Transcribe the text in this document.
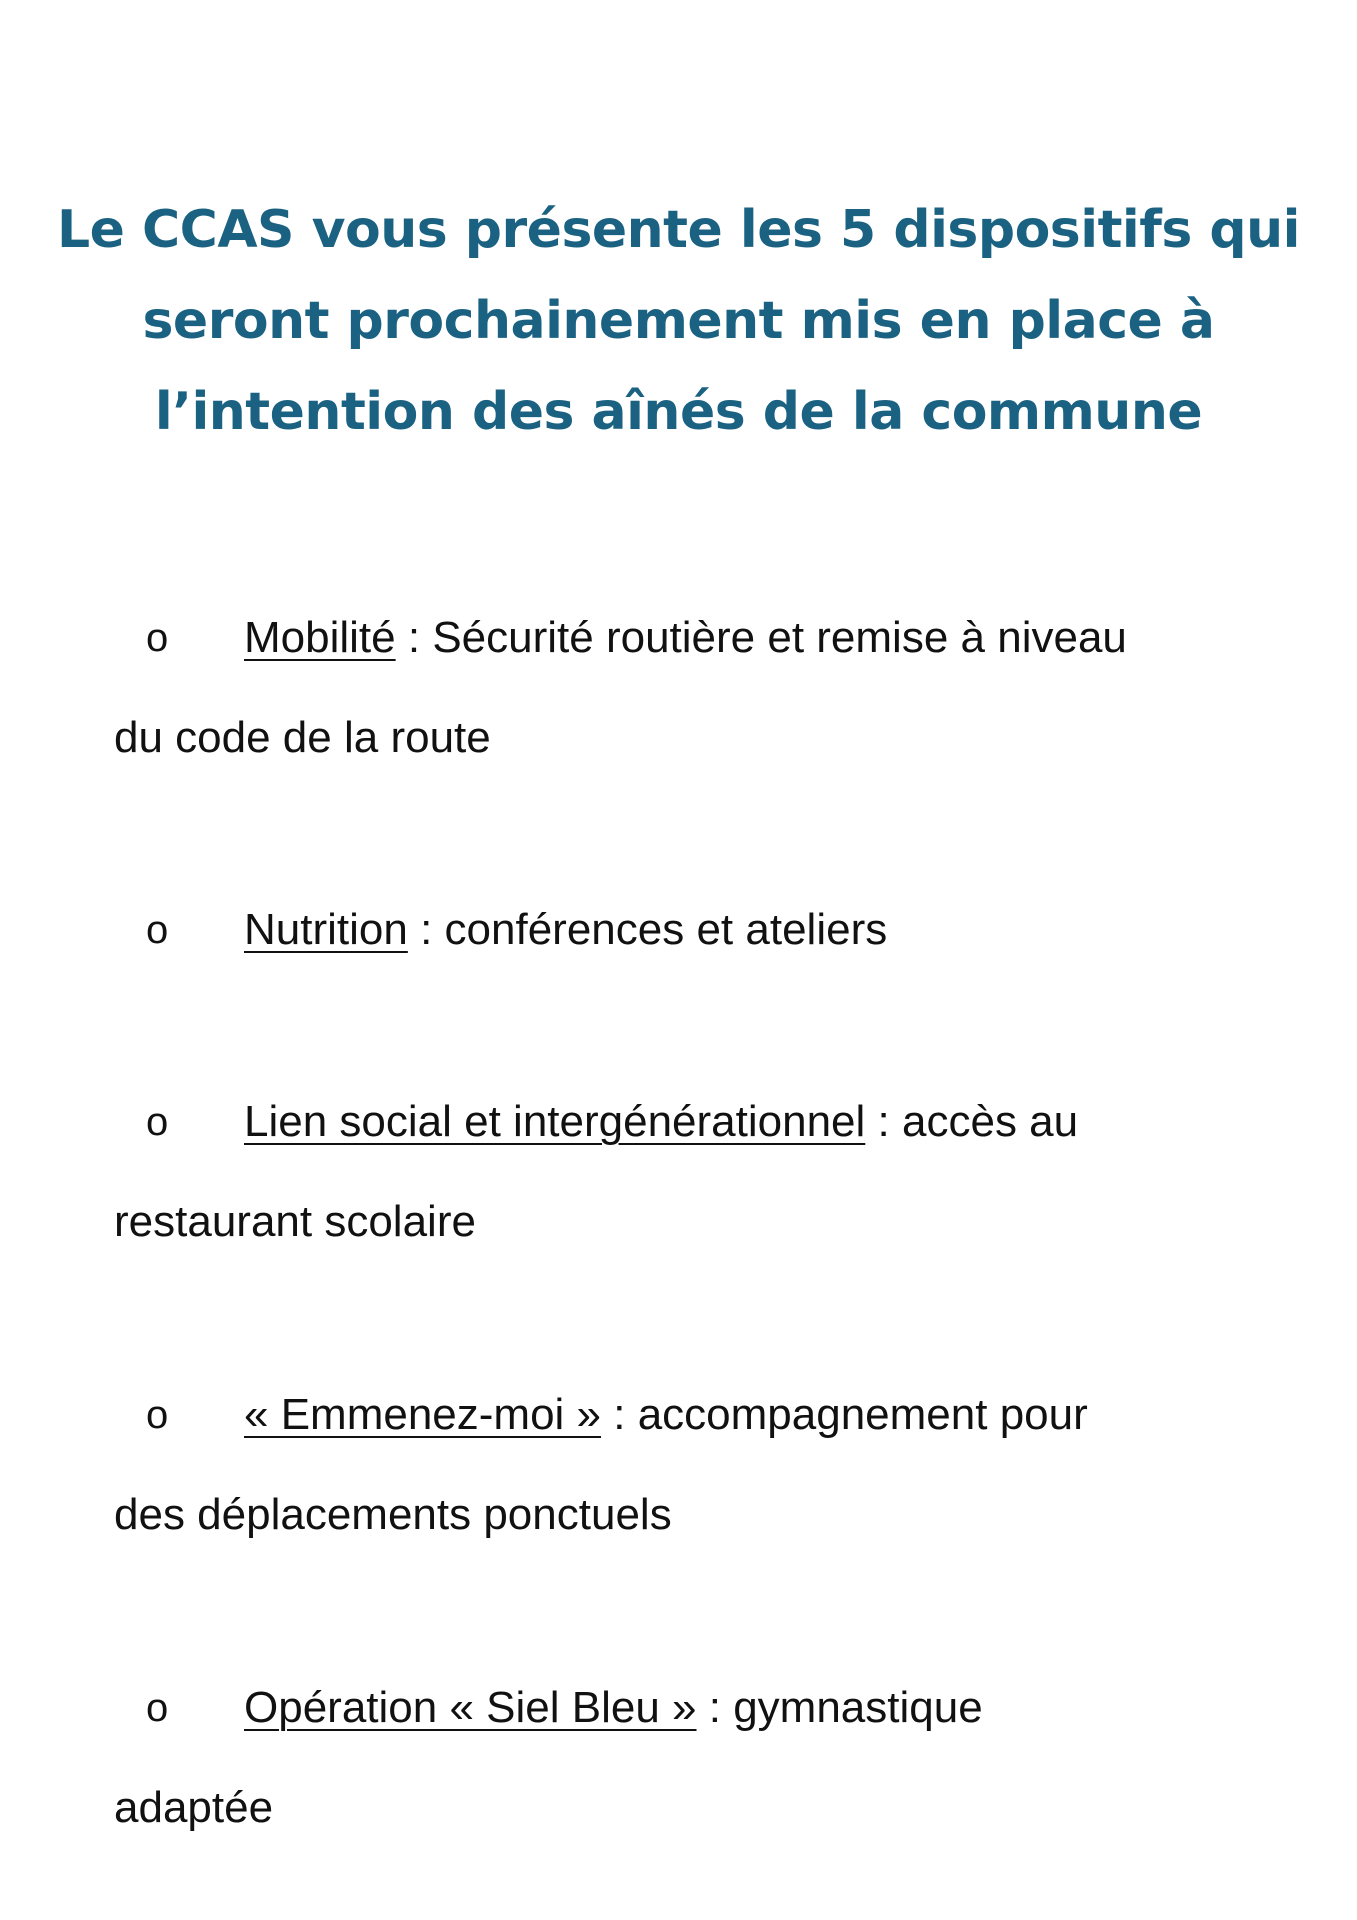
Le CCAS vous présente les 5 dispositifs qui
seront prochainement mis en place à
l’intention des aînés de la commune
o Mobilité : Sécurité routière et remise à niveau
du code de la route
o Nutrition : conférences et ateliers
o Lien social et intergénérationnel : accès au
restaurant scolaire
o « Emmenez-moi » : accompagnement pour
des déplacements ponctuels
o Opération « Siel Bleu » : gymnastique
adaptée
